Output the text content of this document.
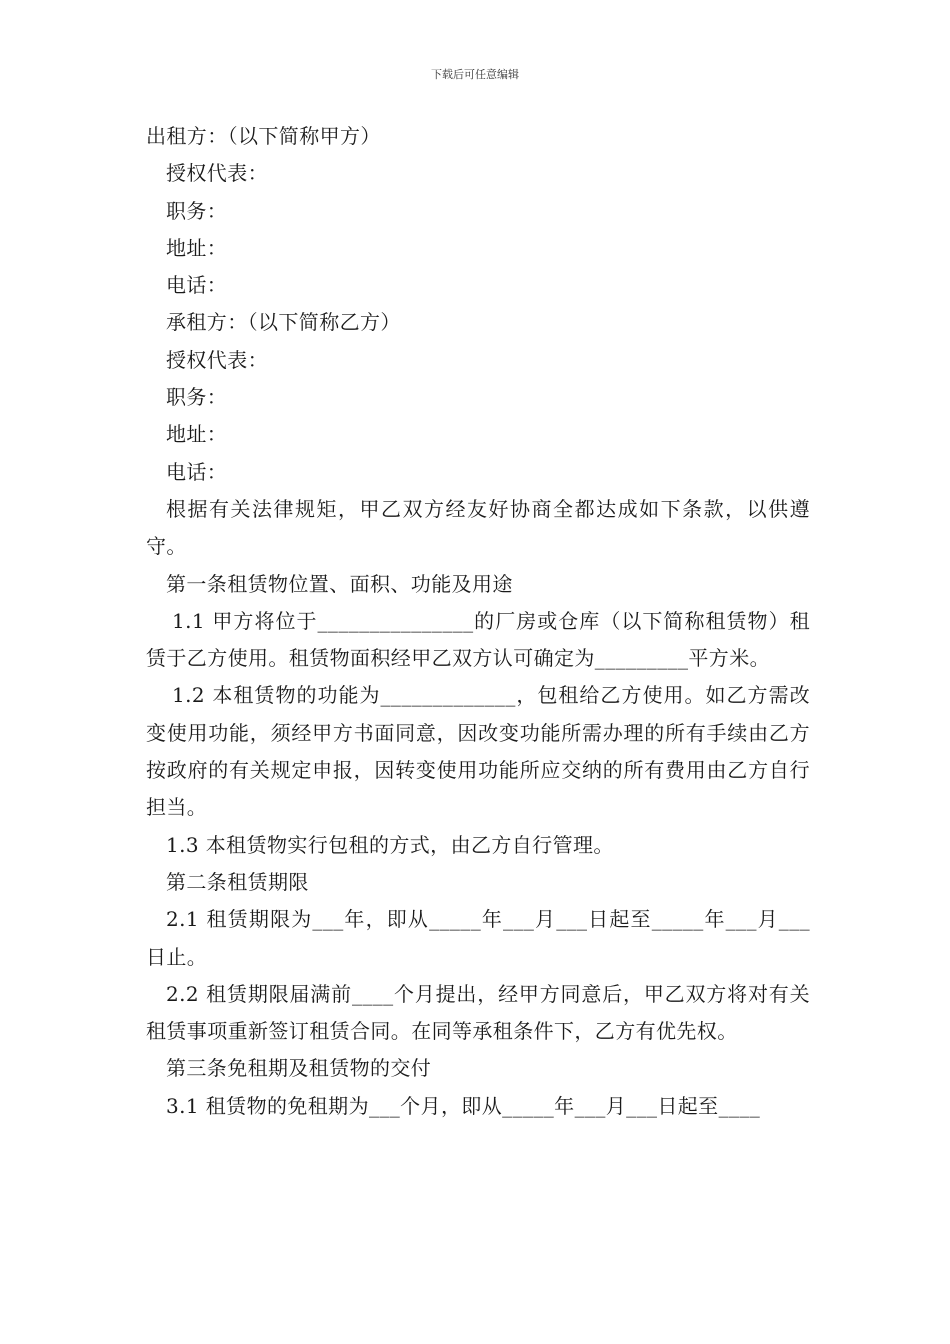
下载后可任意编辑

出租方：（以下简称甲方）

授权代表：

职务：

地址：

电话：

承租方：（以下简称乙方）

授权代表：

职务：

地址：

电话：

根据有关法律规矩，甲乙双方经友好协商全都达成如下条款，以供遵守。

第一条租赁物位置、面积、功能及用途

1.1 甲方将位于_______________的厂房或仓库（以下简称租赁物）租赁于乙方使用。租赁物面积经甲乙双方认可确定为_________平方米。

1.2 本租赁物的功能为_____________，包租给乙方使用。如乙方需改变使用功能，须经甲方书面同意，因改变功能所需办理的所有手续由乙方按政府的有关规定申报，因转变使用功能所应交纳的所有费用由乙方自行担当。

1.3 本租赁物实行包租的方式，由乙方自行管理。

第二条租赁期限

2.1 租赁期限为___年，即从_____年___月___日起至_____年___月___日止。

2.2 租赁期限届满前____个月提出，经甲方同意后，甲乙双方将对有关租赁事项重新签订租赁合同。在同等承租条件下，乙方有优先权。

第三条免租期及租赁物的交付

3.1 租赁物的免租期为___个月，即从_____年___月___日起至____
